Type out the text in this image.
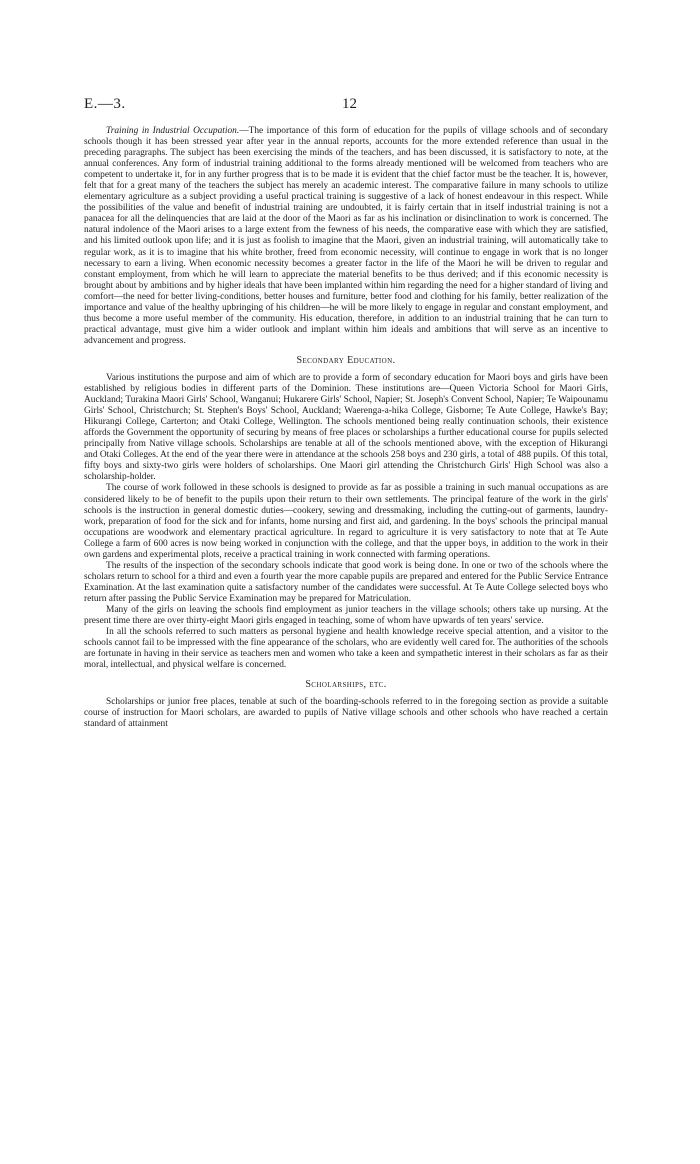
E.—3.	12

Training in Industrial Occupation.—The importance of this form of education for the pupils of village schools and of secondary schools though it has been stressed year after year in the annual reports, accounts for the more extended reference than usual in the preceding paragraphs. The subject has been exercising the minds of the teachers, and has been discussed, it is satisfactory to note, at the annual conferences. Any form of industrial training additional to the forms already mentioned will be welcomed from teachers who are competent to undertake it, for in any further progress that is to be made it is evident that the chief factor must be the teacher. It is, however, felt that for a great many of the teachers the subject has merely an academic interest. The comparative failure in many schools to utilize elementary agriculture as a subject providing a useful practical training is suggestive of a lack of honest endeavour in this respect. While the possibilities of the value and benefit of industrial training are undoubted, it is fairly certain that in itself industrial training is not a panacea for all the delinquencies that are laid at the door of the Maori as far as his inclination or disinclination to work is concerned. The natural indolence of the Maori arises to a large extent from the fewness of his needs, the comparative ease with which they are satisfied, and his limited outlook upon life; and it is just as foolish to imagine that the Maori, given an industrial training, will automatically take to regular work, as it is to imagine that his white brother, freed from economic necessity, will continue to engage in work that is no longer necessary to earn a living. When economic necessity becomes a greater factor in the life of the Maori he will be driven to regular and constant employment, from which he will learn to appreciate the material benefits to be thus derived; and if this economic necessity is brought about by ambitions and by higher ideals that have been implanted within him regarding the need for a higher standard of living and comfort—the need for better living-conditions, better houses and furniture, better food and clothing for his family, better realization of the importance and value of the healthy upbringing of his children—he will be more likely to engage in regular and constant employment, and thus become a more useful member of the community. His education, therefore, in addition to an industrial training that he can turn to practical advantage, must give him a wider outlook and implant within him ideals and ambitions that will serve as an incentive to advancement and progress.

Secondary Education.

Various institutions the purpose and aim of which are to provide a form of secondary education for Maori boys and girls have been established by religious bodies in different parts of the Dominion. These institutions are—Queen Victoria School for Maori Girls, Auckland; Turakina Maori Girls' School, Wanganui; Hukarere Girls' School, Napier; St. Joseph's Convent School, Napier; Te Waipounamu Girls' School, Christchurch; St. Stephen's Boys' School, Auckland; Waerenga-a-hika College, Gisborne; Te Aute College, Hawke's Bay; Hikurangi College, Carterton; and Otaki College, Wellington. The schools mentioned being really continuation schools, their existence affords the Government the opportunity of securing by means of free places or scholarships a further educational course for pupils selected principally from Native village schools. Scholarships are tenable at all of the schools mentioned above, with the exception of Hikurangi and Otaki Colleges. At the end of the year there were in attendance at the schools 258 boys and 230 girls, a total of 488 pupils. Of this total, fifty boys and sixty-two girls were holders of scholarships. One Maori girl attending the Christchurch Girls' High School was also a scholarship-holder.

The course of work followed in these schools is designed to provide as far as possible a training in such manual occupations as are considered likely to be of benefit to the pupils upon their return to their own settlements. The principal feature of the work in the girls' schools is the instruction in general domestic duties—cookery, sewing and dressmaking, including the cutting-out of garments, laundry-work, preparation of food for the sick and for infants, home nursing and first aid, and gardening. In the boys' schools the principal manual occupations are woodwork and elementary practical agriculture. In regard to agriculture it is very satisfactory to note that at Te Aute College a farm of 600 acres is now being worked in conjunction with the college, and that the upper boys, in addition to the work in their own gardens and experimental plots, receive a practical training in work connected with farming operations.

The results of the inspection of the secondary schools indicate that good work is being done. In one or two of the schools where the scholars return to school for a third and even a fourth year the more capable pupils are prepared and entered for the Public Service Entrance Examination. At the last examination quite a satisfactory number of the candidates were successful. At Te Aute College selected boys who return after passing the Public Service Examination may be prepared for Matriculation.

Many of the girls on leaving the schools find employment as junior teachers in the village schools; others take up nursing. At the present time there are over thirty-eight Maori girls engaged in teaching, some of whom have upwards of ten years' service.

In all the schools referred to such matters as personal hygiene and health knowledge receive special attention, and a visitor to the schools cannot fail to be impressed with the fine appearance of the scholars, who are evidently well cared for. The authorities of the schools are fortunate in having in their service as teachers men and women who take a keen and sympathetic interest in their scholars as far as their moral, intellectual, and physical welfare is concerned.

Scholarships, etc.

Scholarships or junior free places, tenable at such of the boarding-schools referred to in the foregoing section as provide a suitable course of instruction for Maori scholars, are awarded to pupils of Native village schools and other schools who have reached a certain standard of attainment
